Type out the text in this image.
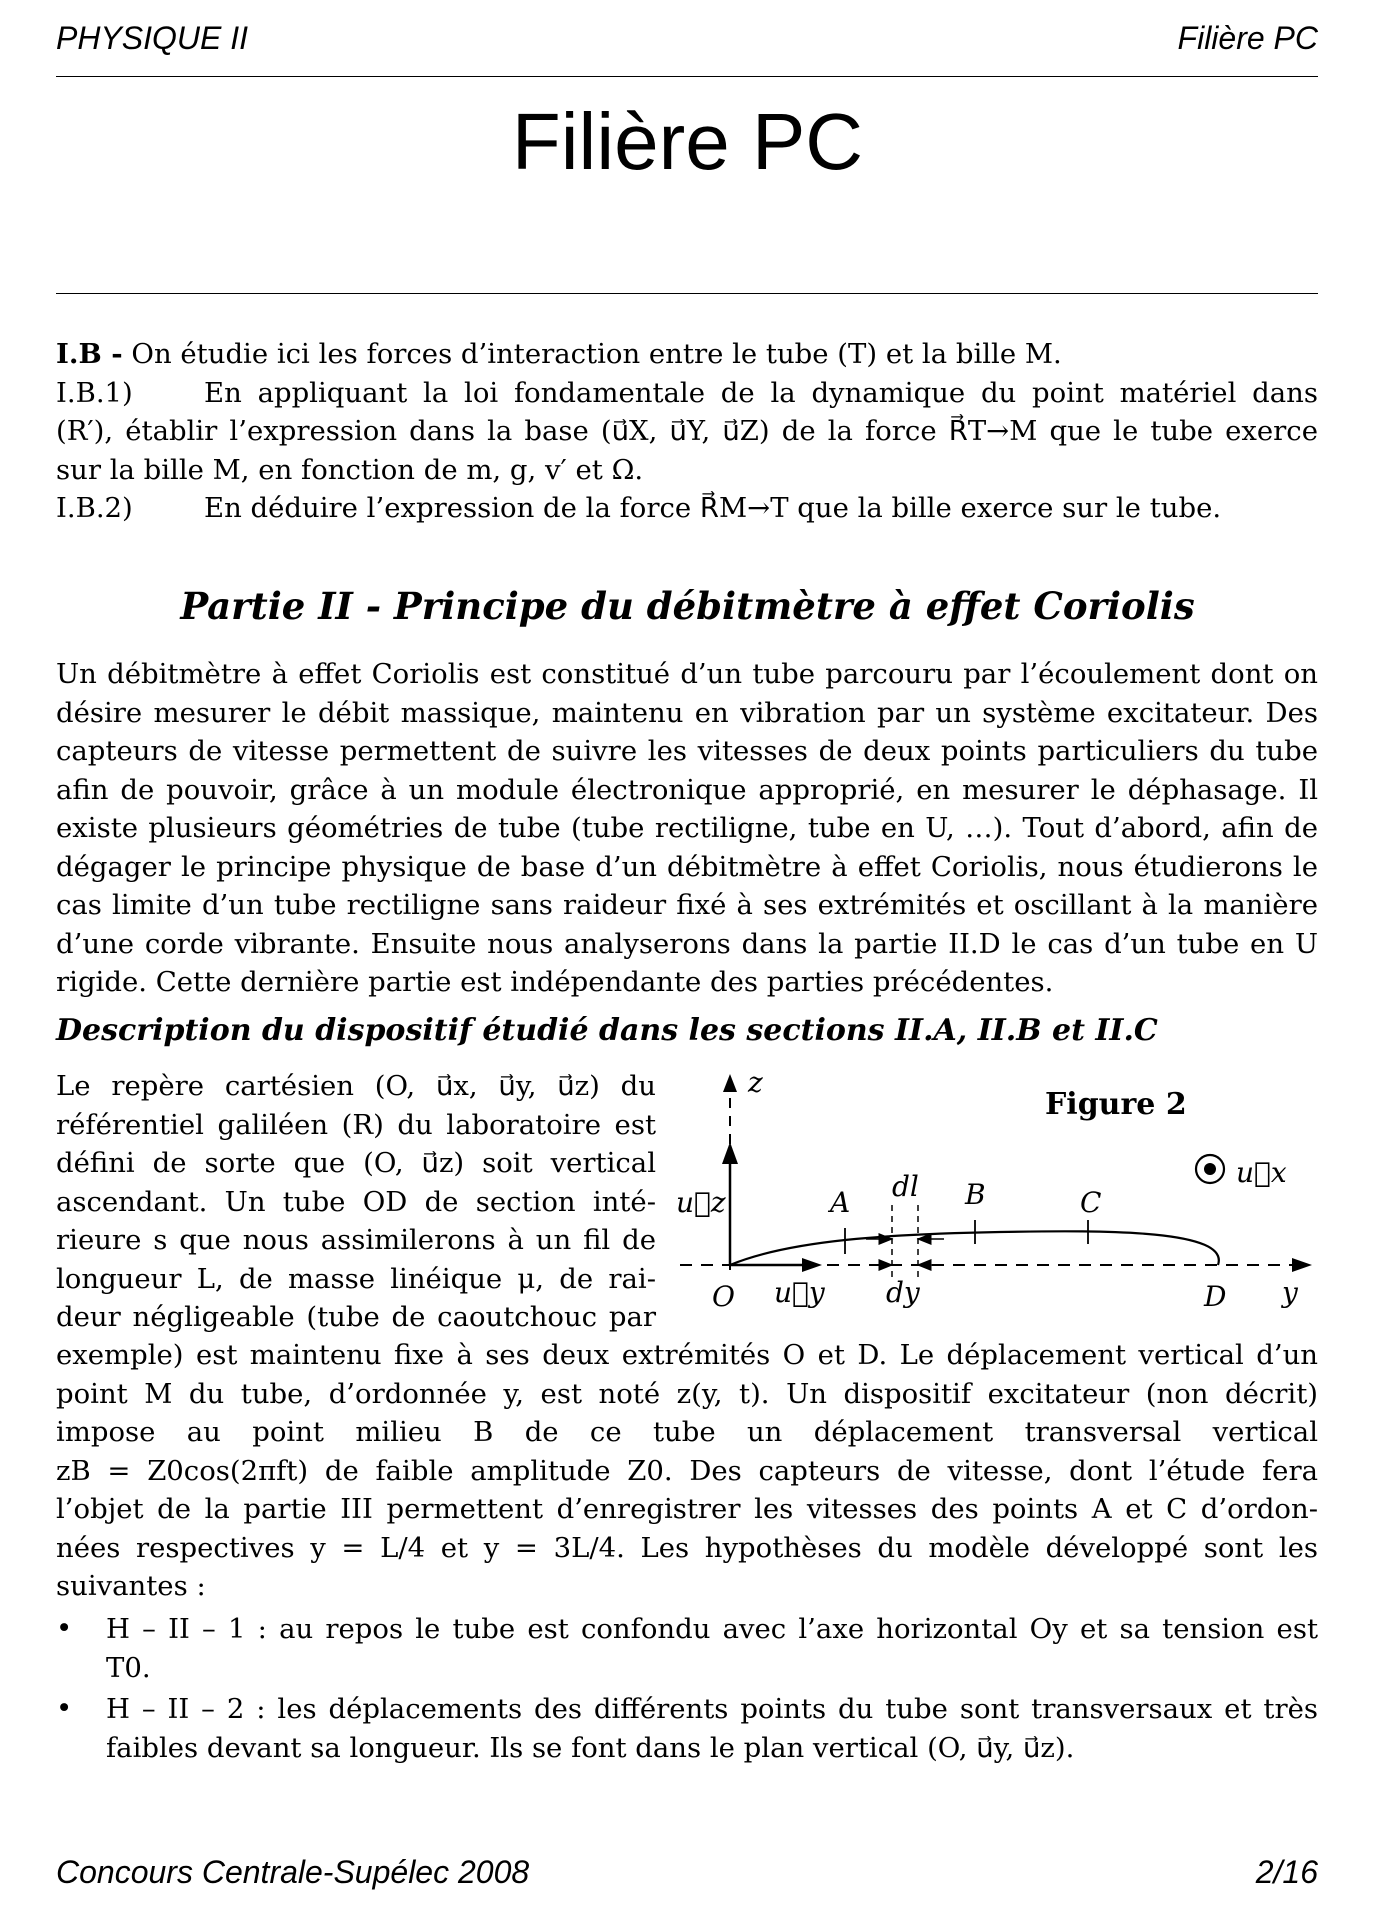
PHYSIQUE II	Filière PC
Filière PC
I.B - On étudie ici les forces d’interaction entre le tube (T) et la bille M.
I.B.1)	En appliquant la loi fondamentale de la dynamique du point matériel dans
(R′), établir l’expression dans la base (u⃗X, u⃗Y, u⃗Z) de la force R⃗T→M que le tube exerce
sur la bille M, en fonction de m, g, v′ et Ω.
I.B.2)	En déduire l’expression de la force R⃗M→T que la bille exerce sur le tube.
Partie II - Principe du débitmètre à effet Coriolis
Un débitmètre à effet Coriolis est constitué d’un tube parcouru par l’écoulement dont on
désire mesurer le débit massique, maintenu en vibration par un système excitateur. Des
capteurs de vitesse permettent de suivre les vitesses de deux points particuliers du tube
afin de pouvoir, grâce à un module électronique approprié, en mesurer le déphasage. Il
existe plusieurs géométries de tube (tube rectiligne, tube en U, …). Tout d’abord, afin de
dégager le principe physique de base d’un débitmètre à effet Coriolis, nous étudierons le
cas limite d’un tube rectiligne sans raideur fixé à ses extrémités et oscillant à la manière
d’une corde vibrante. Ensuite nous analyserons dans la partie II.D le cas d’un tube en U
rigide. Cette dernière partie est indépendante des parties précédentes.
Description du dispositif étudié dans les sections II.A, II.B et II.C
Le repère cartésien (O, u⃗x, u⃗y, u⃗z) du
référentiel galiléen (R) du laboratoire est
défini de sorte que (O, u⃗z) soit vertical
ascendant. Un tube OD de section inté-
rieure s que nous assimilerons à un fil de
longueur L, de masse linéique μ, de rai-
deur négligeable (tube de caoutchouc par
z
u⃗z	A dl B	C
u⃗x
O u⃗y dy	D y
Figure 2
exemple) est maintenu fixe à ses deux extrémités O et D. Le déplacement vertical d’un
point M du tube, d’ordonnée y, est noté z(y, t). Un dispositif excitateur (non décrit)
impose au point milieu B de ce tube un déplacement transversal vertical
zB = Z0cos(2πft) de faible amplitude Z0. Des capteurs de vitesse, dont l’étude fera
l’objet de la partie III permettent d’enregistrer les vitesses des points A et C d’ordon-
nées respectives y = L/4 et y = 3L/4. Les hypothèses du modèle développé sont les
suivantes :
• H – II – 1 : au repos le tube est confondu avec l’axe horizontal Oy et sa tension est
T0.
• H – II – 2 : les déplacements des différents points du tube sont transversaux et très
faibles devant sa longueur. Ils se font dans le plan vertical (O, u⃗y, u⃗z).
Concours Centrale-Supélec 2008	2/16
